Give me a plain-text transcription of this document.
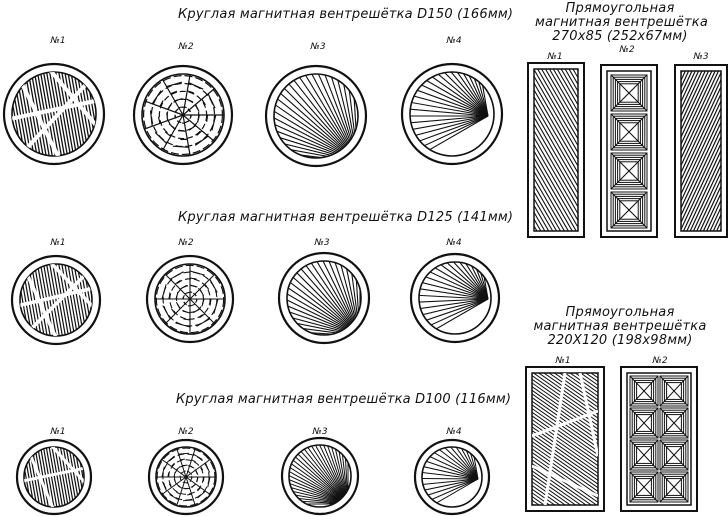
Круглая магнитная вентрешётка D150 (166мм)
Круглая магнитная вентрешётка D125 (141мм)
Круглая магнитная вентрешётка D100 (116мм)
Прямоугольная
магнитная вентрешётка
270x85 (252x67мм)
Прямоугольная
магнитная вентрешётка
220X120 (198x98мм)
№1
№2	№3
№4
№1	№2	№3	№4
№1	№2	№3	№4
№1
№2
№3
№1	№2
